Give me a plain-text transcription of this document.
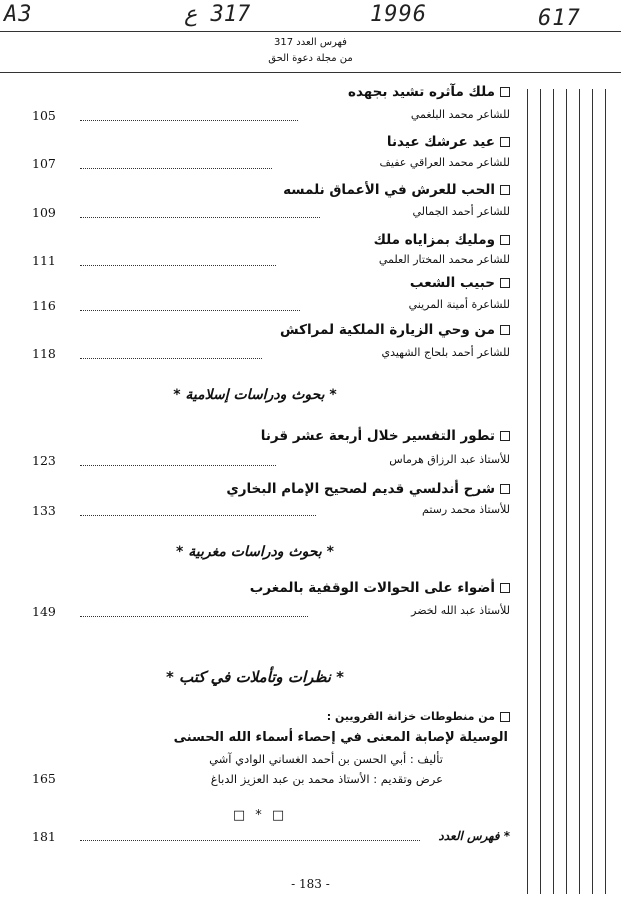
A3	317 ع	1996	617
فهرس العدد 317
من مجلة دعوة الحق
ملك مآثره تشيد بجهده
للشاعر محمد البلغمي
105
عيد عرشك عيدنا
للشاعر محمد العراقي عفيف
107
الحب للعرش في الأعماق نلمسه
للشاعر أحمد الجمالي
109
ومليك بمزاياه ملك
للشاعر محمد المختار العلمي
111
حبيب الشعب
للشاعرة أمينة المريني
116
من وحي الزيارة الملكية لمراكش
للشاعر أحمد بلحاج الشهيدي
118
* بحوث ودراسات إسلامية *
تطور التفسير خلال أربعة عشر قرنا
للأستاذ عبد الرزاق هرماس
123
شرح أندلسي قديم لصحيح الإمام البخاري
للأستاذ محمد رستم
133
* بحوث ودراسات مغربية *
أضواء على الحوالات الوقفية بالمغرب
للأستاذ عبد الله لخضر
149
* نظرات وتأملات في كتب *
من منطوطات خزانة القرويين :
الوسيلة لإصابة المعنى في إحصاء أسماء الله الحسنى
تأليف : أبي الحسن بن أحمد الغساني الوادي آشي
عرض وتقديم : الأستاذ محمد بن عبد العزيز الدباغ
165
□ * □
* فهرس العدد
181
- 183 -
